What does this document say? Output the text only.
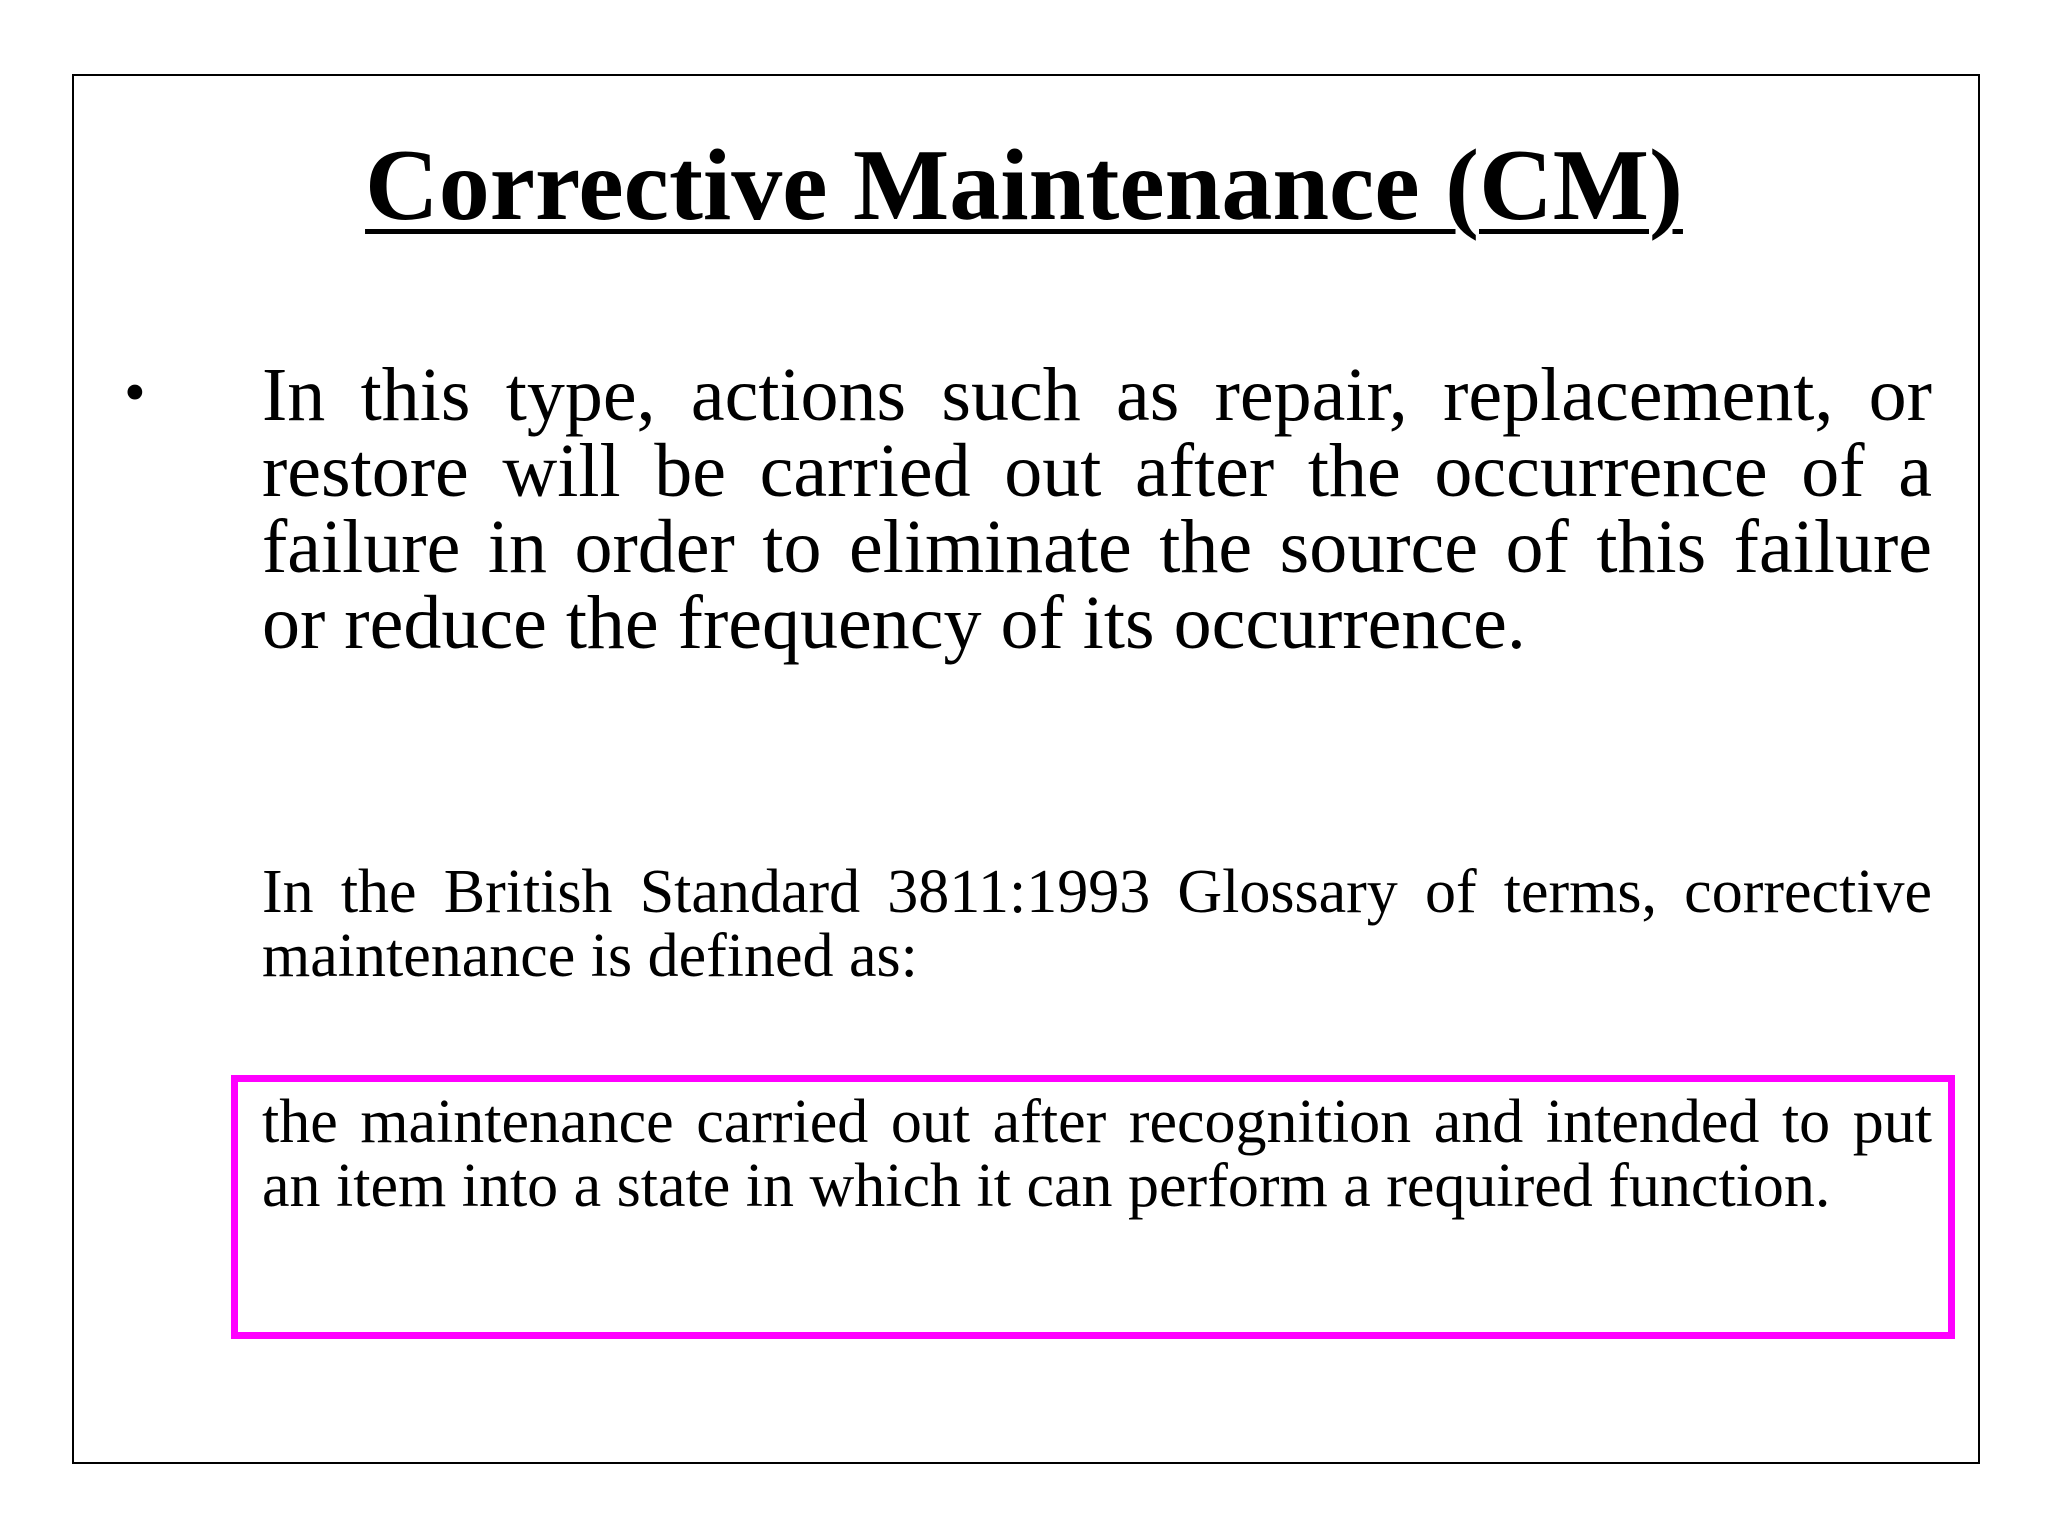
Corrective Maintenance (CM)
• In this type, actions such as repair, replacement, or restore will be carried out after the occurrence of a failure in order to eliminate the source of this failure or reduce the frequency of its occurrence.

In the British Standard 3811:1993 Glossary of terms, corrective maintenance is defined as:

the maintenance carried out after recognition and intended to put an item into a state in which it can perform a required function.
